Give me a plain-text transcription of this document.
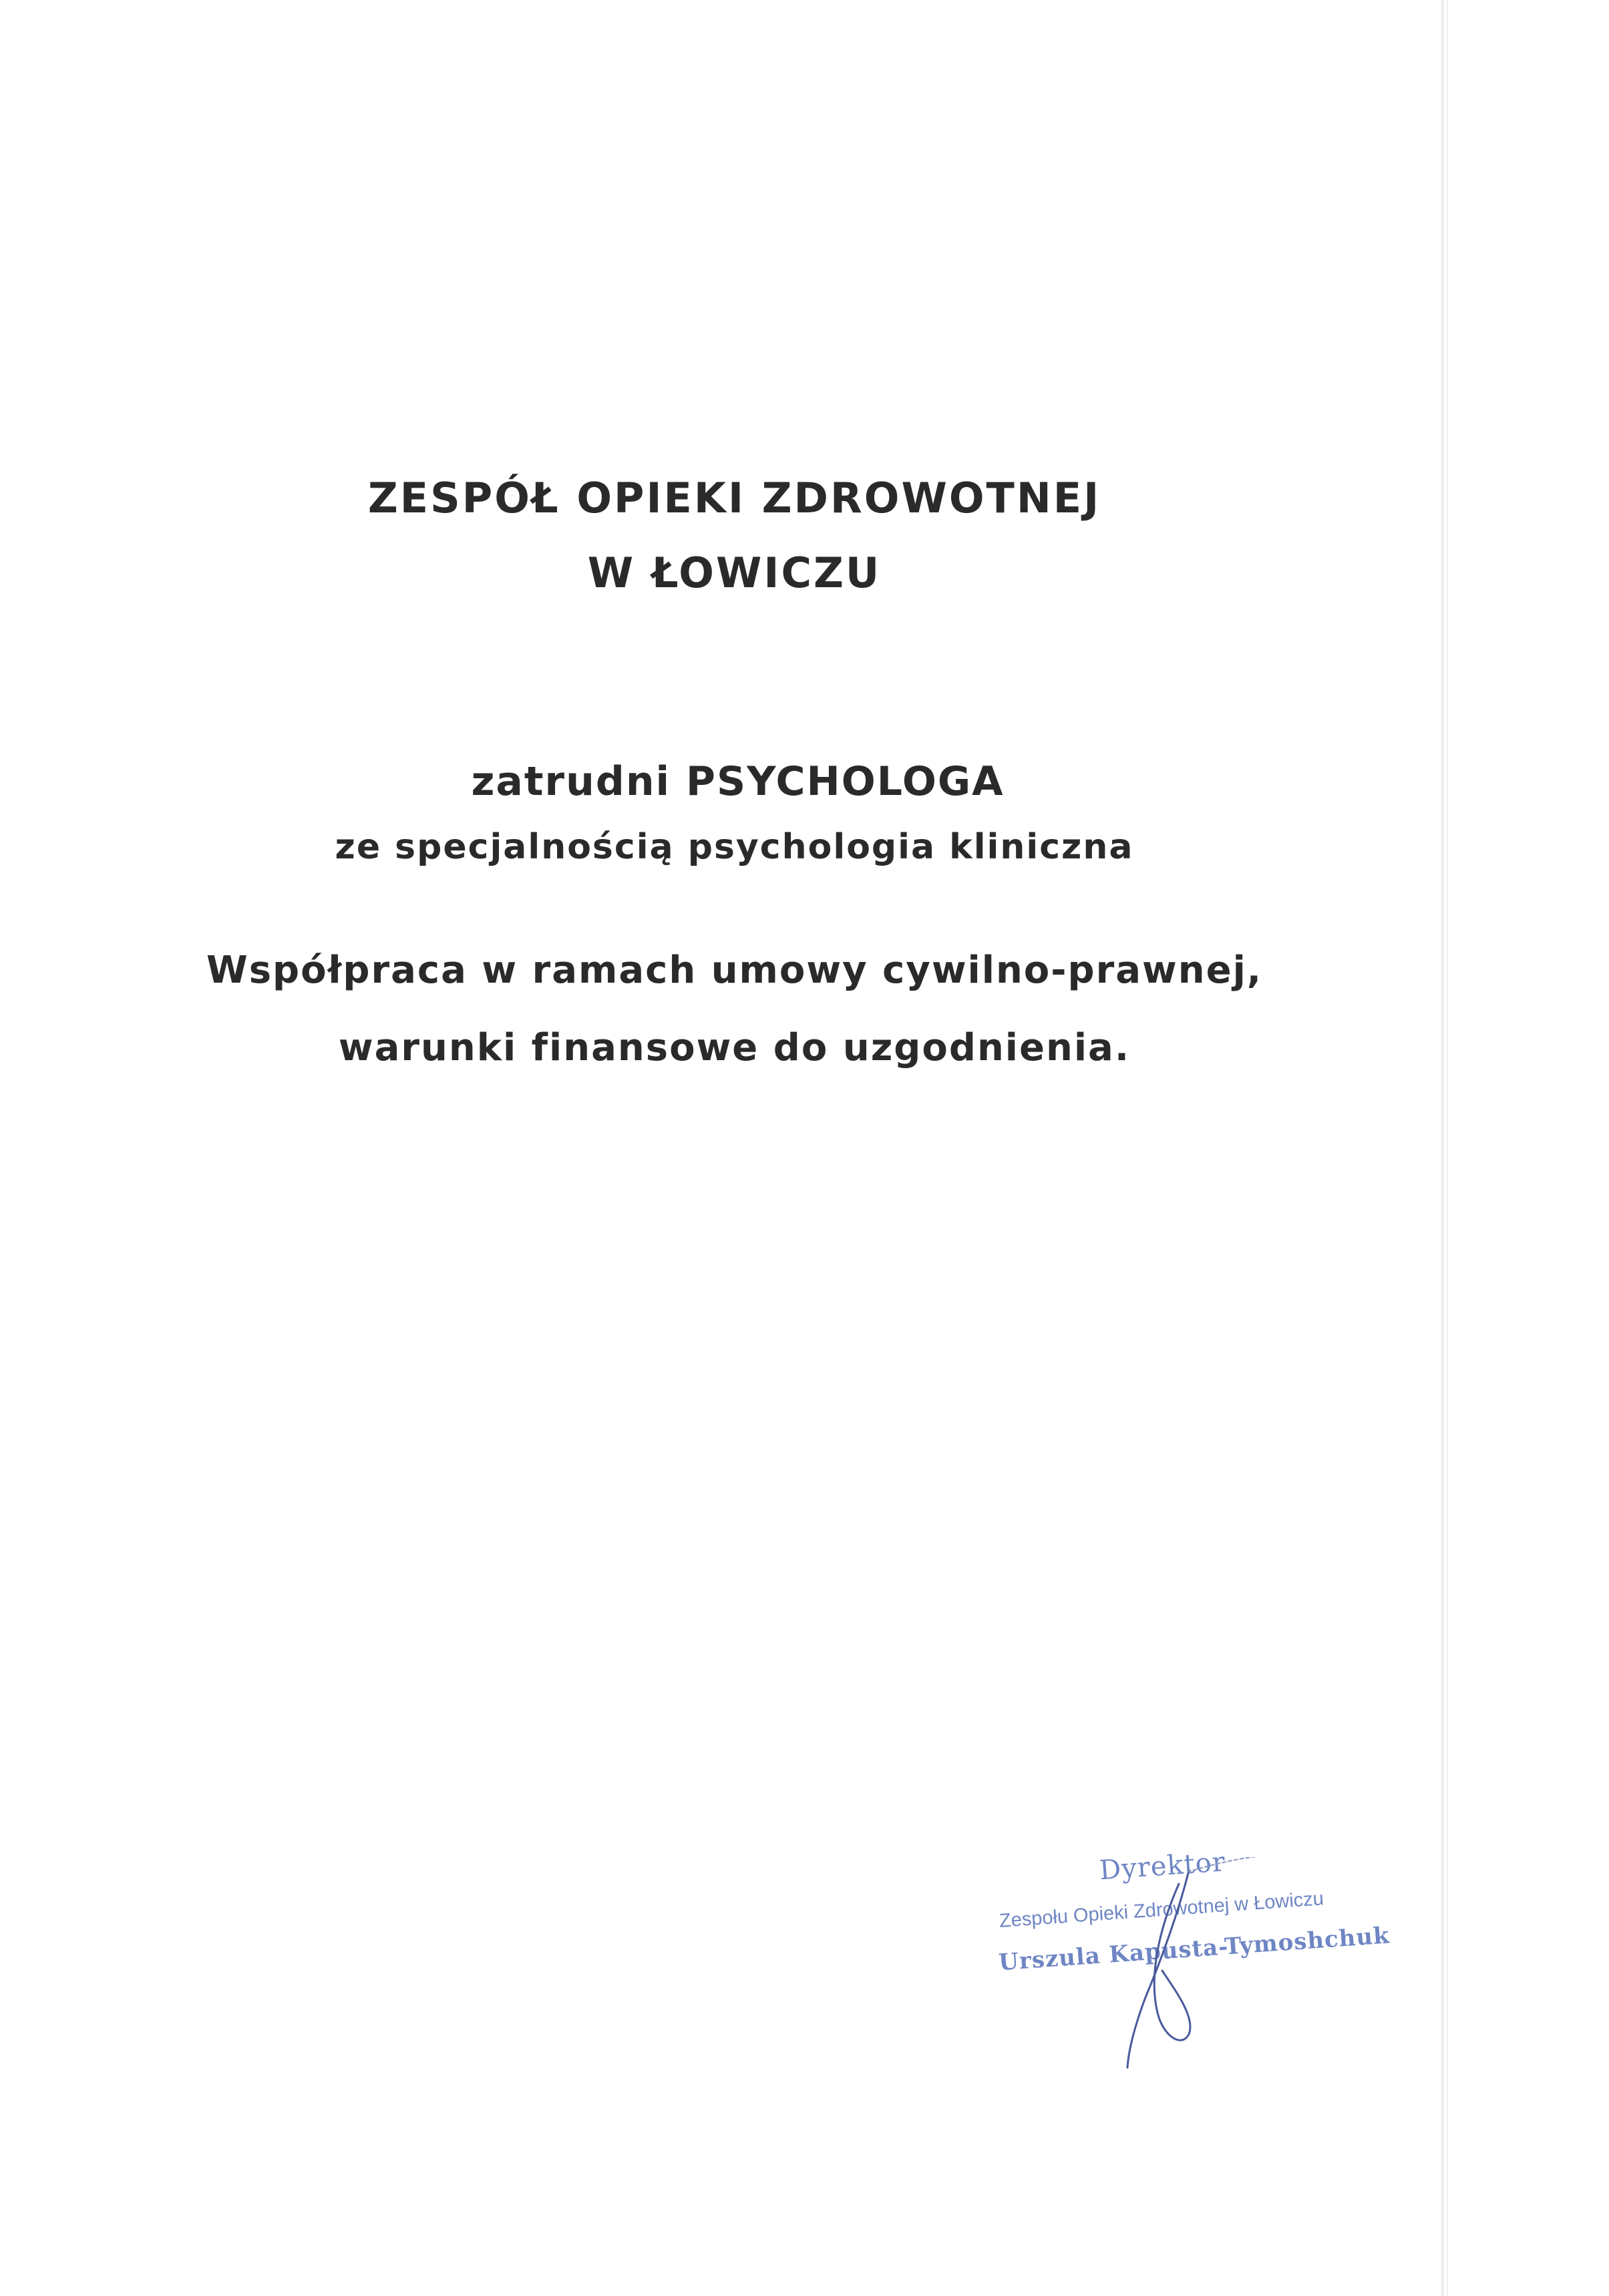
ZESPÓŁ OPIEKI ZDROWOTNEJ
W ŁOWICZU
zatrudni PSYCHOLOGA
ze specjalnością psychologia kliniczna
Współpraca w ramach umowy cywilno-prawnej,
warunki finansowe do uzgodnienia.
Dyrektor
Zespołu Opieki Zdrowotnej w Łowiczu
Urszula Kapusta-Tymoshchuk
